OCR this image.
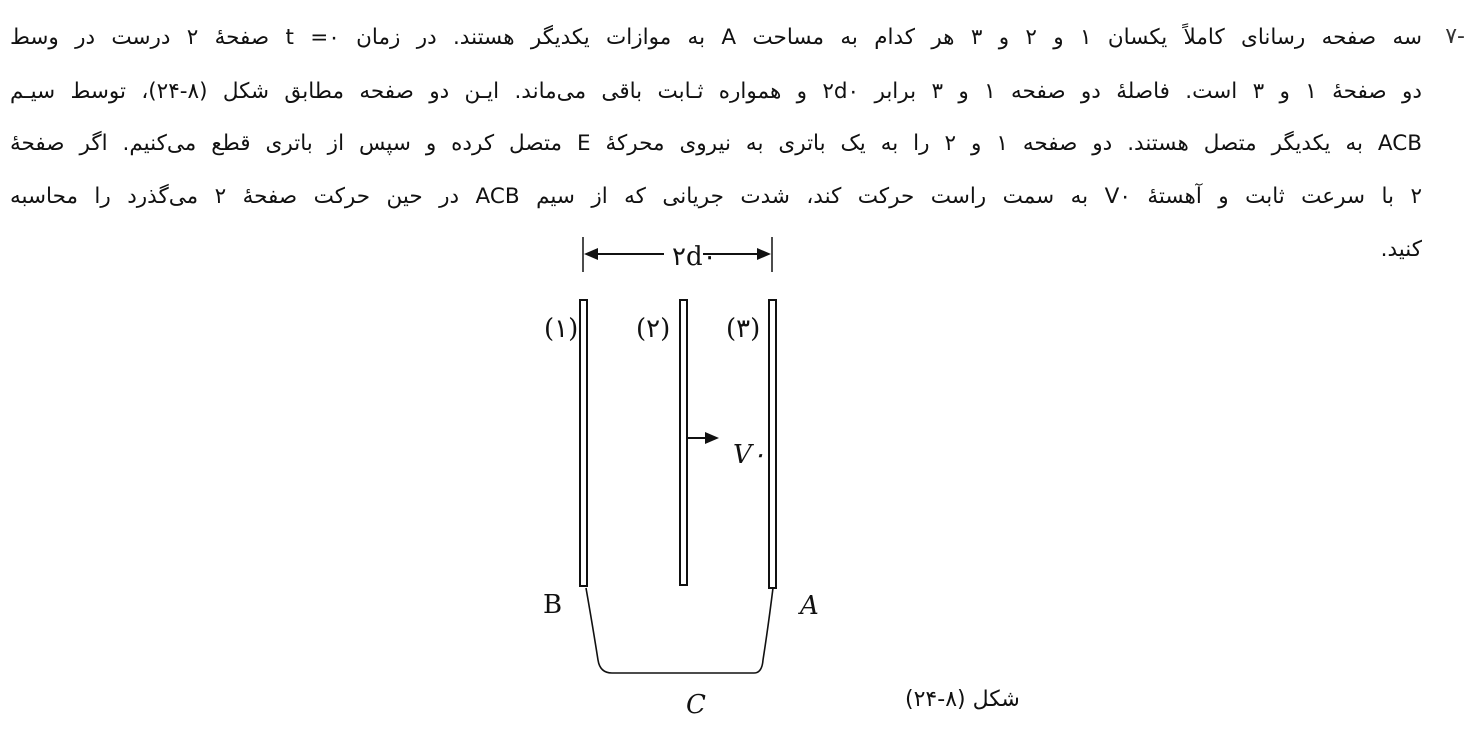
-۷
سه صفحه رسانای کاملاً یکسان ۱ و ۲ و ۳ هر کدام به مساحت A به موازات یکدیگر هستند. در زمان t =۰ صفحهٔ ۲ درست در وسط
دو صفحهٔ ۱ و ۳ است. فاصلهٔ دو صفحه ۱ و ۳ برابر ۲d۰ و همواره ثـابت باقی می‌ماند. ایـن دو صفحه مطابق شکل (۸-۲۴)، توسط سیـم
ACB به یکدیگر متصل هستند. دو صفحه ۱ و ۲ را به یک باتری به نیروی محرکهٔ E متصل کرده و سپس از باتری قطع می‌کنیم. اگر صفحهٔ
۲ با سرعت ثابت و آهستهٔ V۰ به سمت راست حرکت کند، شدت جریانی که از سیم ACB در حین حرکت صفحهٔ ۲ می‌گذرد را محاسبه
کنید.
۲d۰
(۱) (۲) (۳)
V۰
B	A
C	شکل (۸-۲۴)
